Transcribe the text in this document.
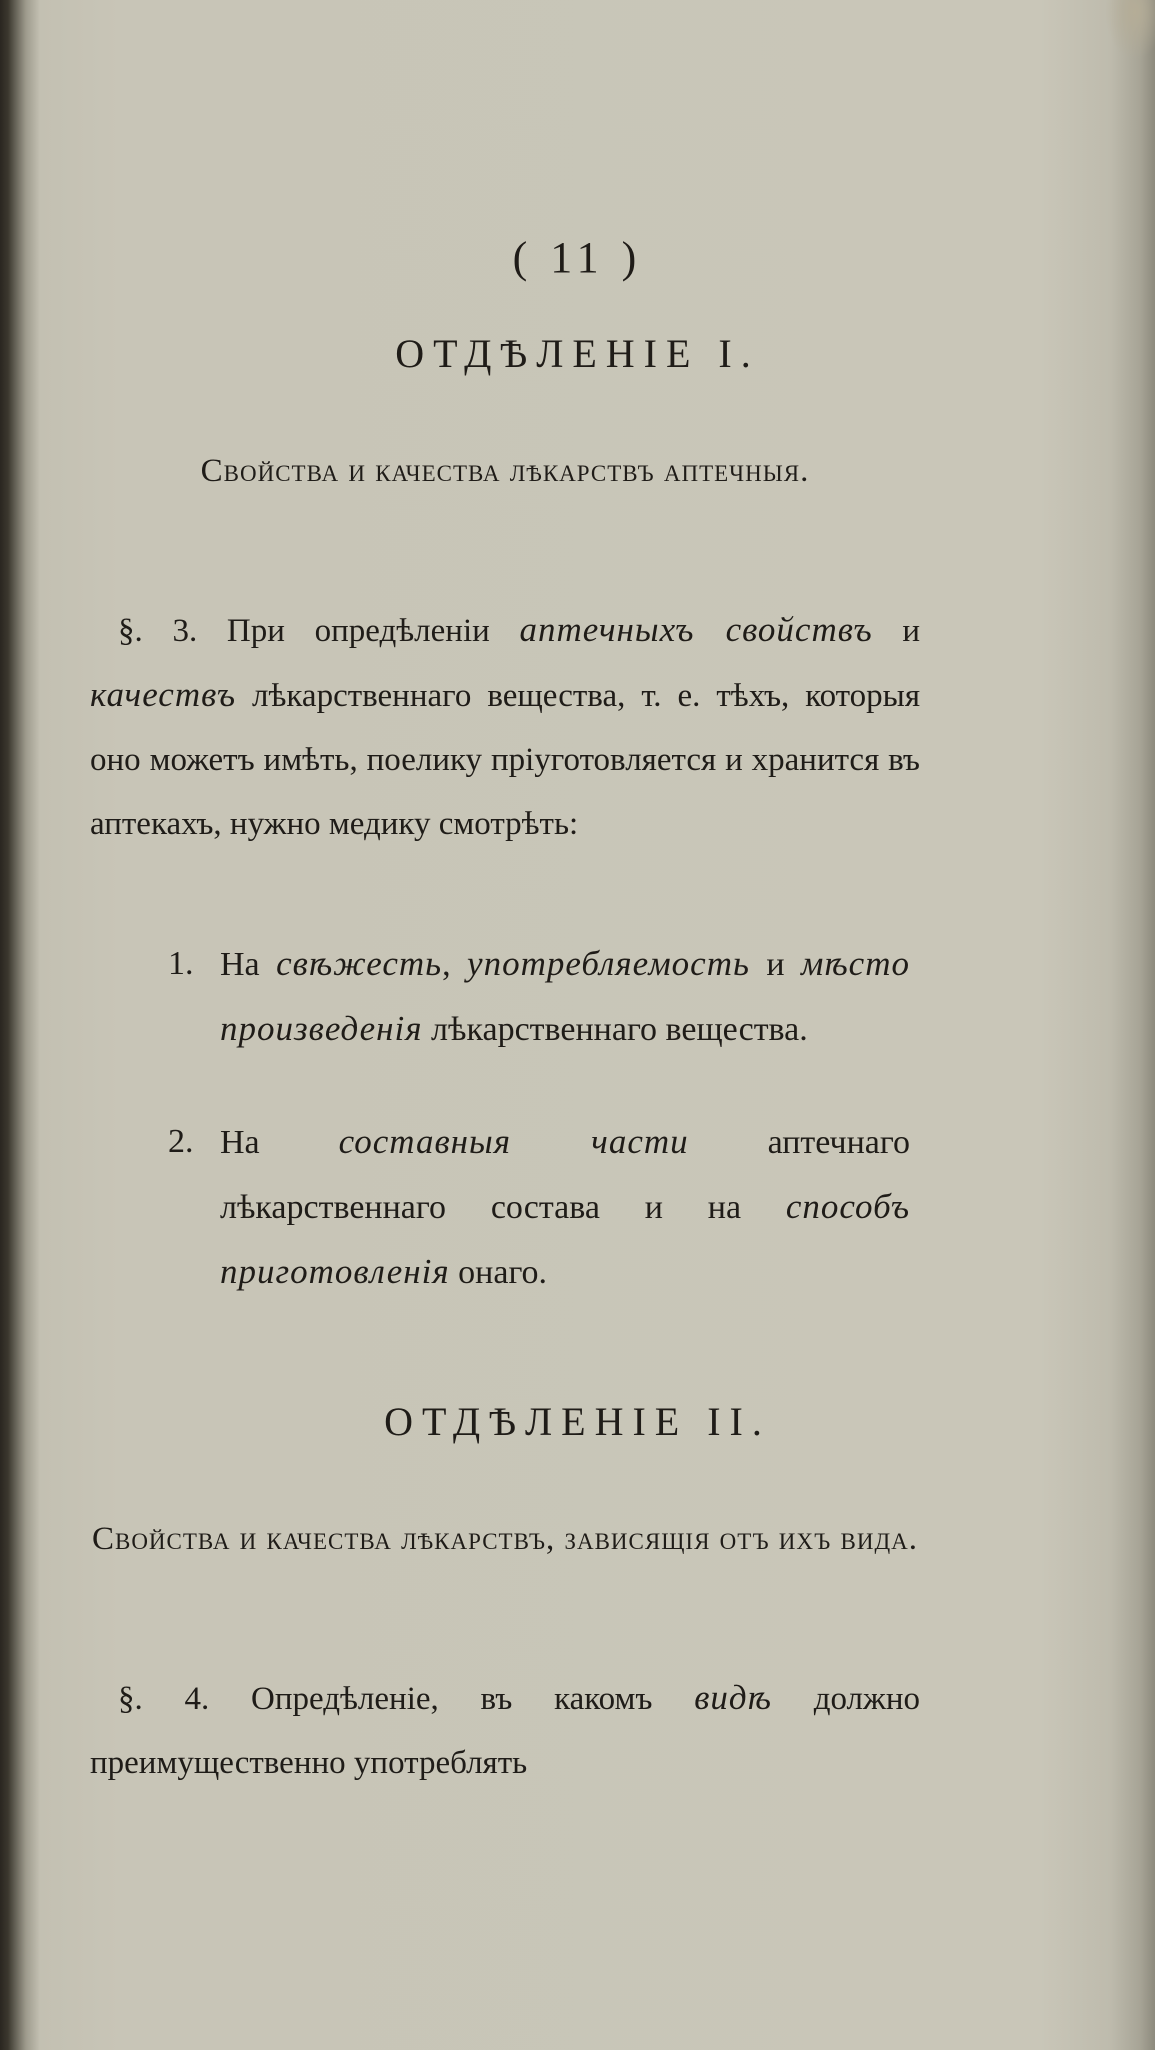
( 11 )
ОТДѢЛЕНІЕ I.
Свойства и качества лѣкарствъ аптечныя.
§. 3. При опредѣленіи аптечныхъ свойствъ и качествъ лѣкарственнаго вещества, т. е. тѣхъ, которыя оно можетъ имѣть, поелику пріуготовляется и хранится въ аптекахъ, нужно медику смотрѣть:
1. На свѣжесть, употребляемость и мѣсто произведенія лѣкарственнаго вещества.
2. На составныя части аптечнаго лѣкарственнаго состава и на способъ приготовленія онаго.
ОТДѢЛЕНІЕ II.
Свойства и качества лѣкарствъ, зависящія отъ ихъ вида.
§. 4. Опредѣленіе, въ какомъ видѣ должно преимущественно употреблять
